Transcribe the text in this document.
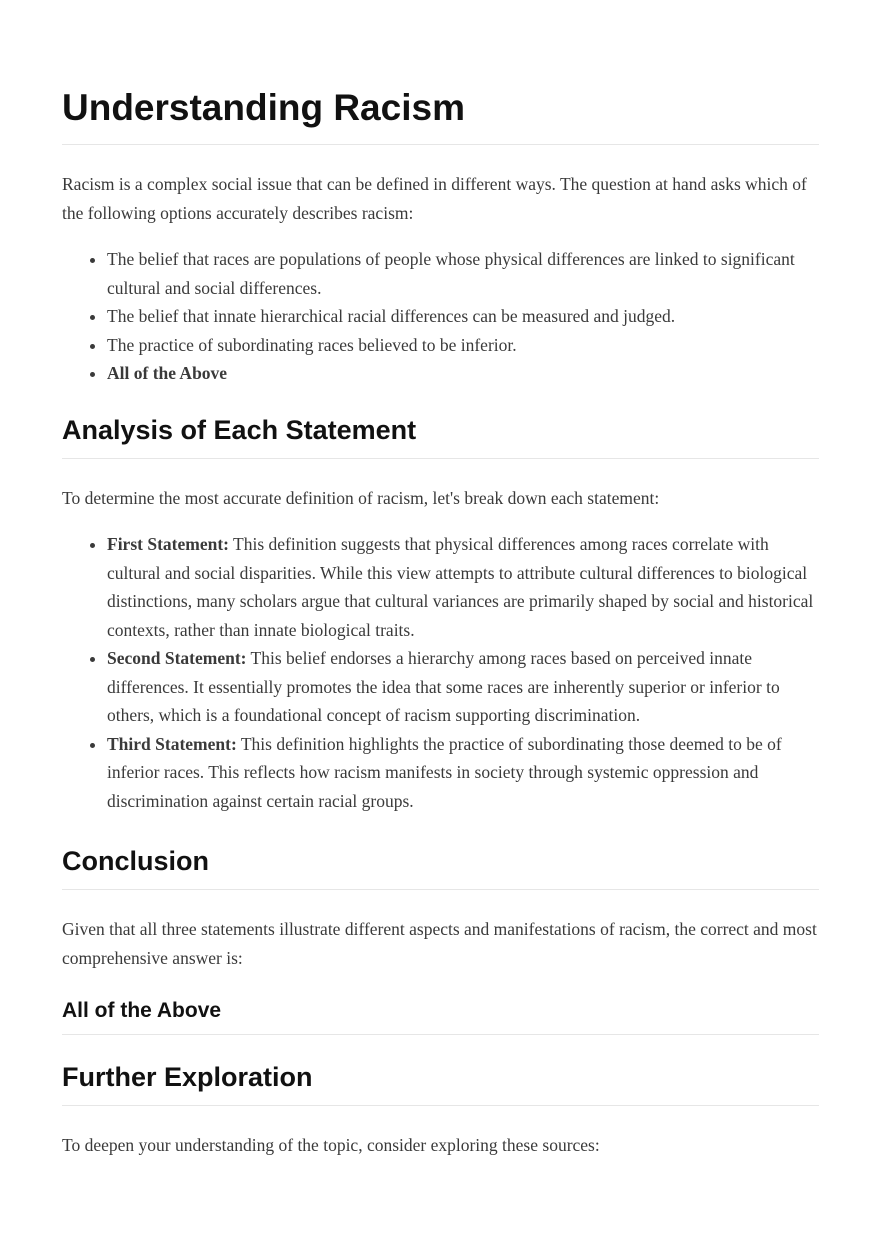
Understanding Racism

Racism is a complex social issue that can be defined in different ways. The question at hand asks which of the following options accurately describes racism:

• The belief that races are populations of people whose physical differences are linked to significant cultural and social differences.
• The belief that innate hierarchical racial differences can be measured and judged.
• The practice of subordinating races believed to be inferior.
• All of the Above
Analysis of Each Statement

To determine the most accurate definition of racism, let's break down each statement:

• First Statement: This definition suggests that physical differences among races correlate with cultural and social disparities. While this view attempts to attribute cultural differences to biological distinctions, many scholars argue that cultural variances are primarily shaped by social and historical contexts, rather than innate biological traits.
• Second Statement: This belief endorses a hierarchy among races based on perceived innate differences. It essentially promotes the idea that some races are inherently superior or inferior to others, which is a foundational concept of racism supporting discrimination.
• Third Statement: This definition highlights the practice of subordinating those deemed to be of inferior races. This reflects how racism manifests in society through systemic oppression and discrimination against certain racial groups.
Conclusion

Given that all three statements illustrate different aspects and manifestations of racism, the correct and most comprehensive answer is:

All of the Above
Further Exploration

To deepen your understanding of the topic, consider exploring these sources:
